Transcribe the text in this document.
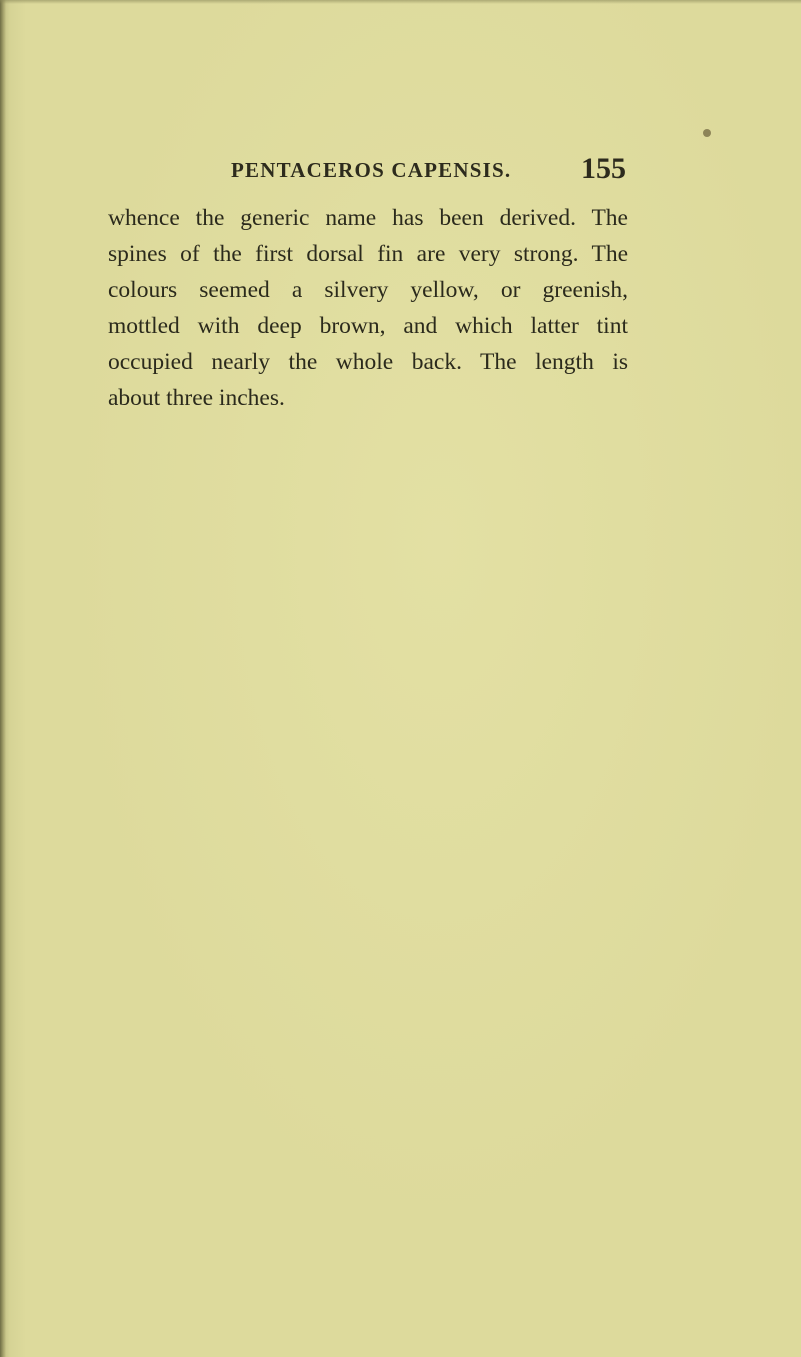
PENTACEROS CAPENSIS. 155

whence the generic name has been derived. The
spines of the first dorsal fin are very strong. The
colours seemed a silvery yellow, or greenish,
mottled with deep brown, and which latter tint
occupied nearly the whole back. The length is
about three inches.
